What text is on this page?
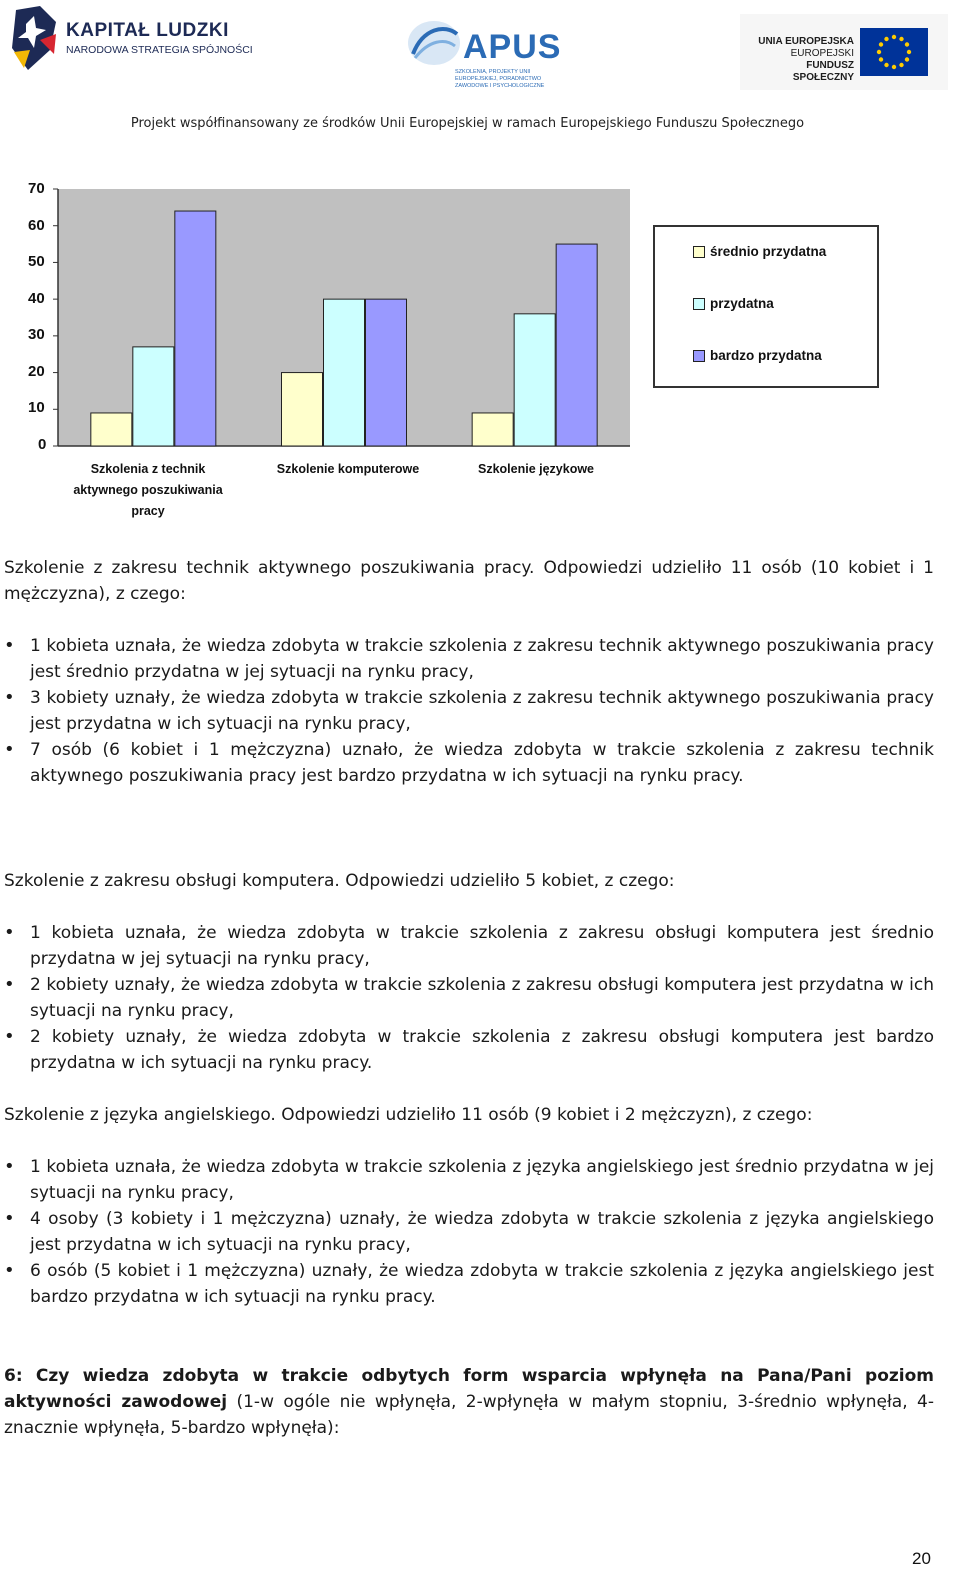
KAPITAŁ LUDZKI
NARODOWA STRATEGIA SPÓJNOŚCI	APUS
SZKOLENIA, PROJEKTY UNII EUROPEJSKIEJ, PORADNICTWO ZAWODOWE I PSYCHOLOGICZNE
UNIA EUROPEJSKA
EUROPEJSKI
FUNDUSZ SPOŁECZNY
Projekt współfinansowany ze środków Unii Europejskiej w ramach Europejskiego Funduszu Społecznego
70
60
50
40
30
20
10
0
Szkolenia z technik
aktywnego poszukiwania
pracy
Szkolenie komputerowe	Szkolenie językowe
średnio przydatna
przydatna
bardzo przydatna
Szkolenie z zakresu technik aktywnego poszukiwania pracy. Odpowiedzi udzieliło 11 osób (10 kobiet i 1 mężczyzna), z czego:
• 1 kobieta uznała, że wiedza zdobyta w trakcie szkolenia z zakresu technik aktywnego poszukiwania pracy jest średnio przydatna w jej sytuacji na rynku pracy,
• 3 kobiety uznały, że wiedza zdobyta w trakcie szkolenia z zakresu technik aktywnego poszukiwania pracy jest przydatna w ich sytuacji na rynku pracy,
• 7 osób (6 kobiet i 1 mężczyzna) uznało, że wiedza zdobyta w trakcie szkolenia z zakresu technik aktywnego poszukiwania pracy jest bardzo przydatna w ich sytuacji na rynku pracy.
Szkolenie z zakresu obsługi komputera. Odpowiedzi udzieliło 5 kobiet, z czego:
• 1 kobieta uznała, że wiedza zdobyta w trakcie szkolenia z zakresu obsługi komputera jest średnio przydatna w jej sytuacji na rynku pracy,
• 2 kobiety uznały, że wiedza zdobyta w trakcie szkolenia z zakresu obsługi komputera jest przydatna w ich sytuacji na rynku pracy,
• 2 kobiety uznały, że wiedza zdobyta w trakcie szkolenia z zakresu obsługi komputera jest bardzo przydatna w ich sytuacji na rynku pracy.
Szkolenie z języka angielskiego. Odpowiedzi udzieliło 11 osób (9 kobiet i 2 mężczyzn), z czego:
• 1 kobieta uznała, że wiedza zdobyta w trakcie szkolenia z języka angielskiego jest średnio przydatna w jej sytuacji na rynku pracy,
• 4 osoby (3 kobiety i 1 mężczyzna) uznały, że wiedza zdobyta w trakcie szkolenia z języka angielskiego jest przydatna w ich sytuacji na rynku pracy,
• 6 osób (5 kobiet i 1 mężczyzna) uznały, że wiedza zdobyta w trakcie szkolenia z języka angielskiego jest bardzo przydatna w ich sytuacji na rynku pracy.
6: Czy wiedza zdobyta w trakcie odbytych form wsparcia wpłynęła na Pana/Pani poziom aktywności zawodowej (1-w ogóle nie wpłynęła, 2-wpłynęła w małym stopniu, 3-średnio wpłynęła, 4-znacznie wpłynęła, 5-bardzo wpłynęła):
20
